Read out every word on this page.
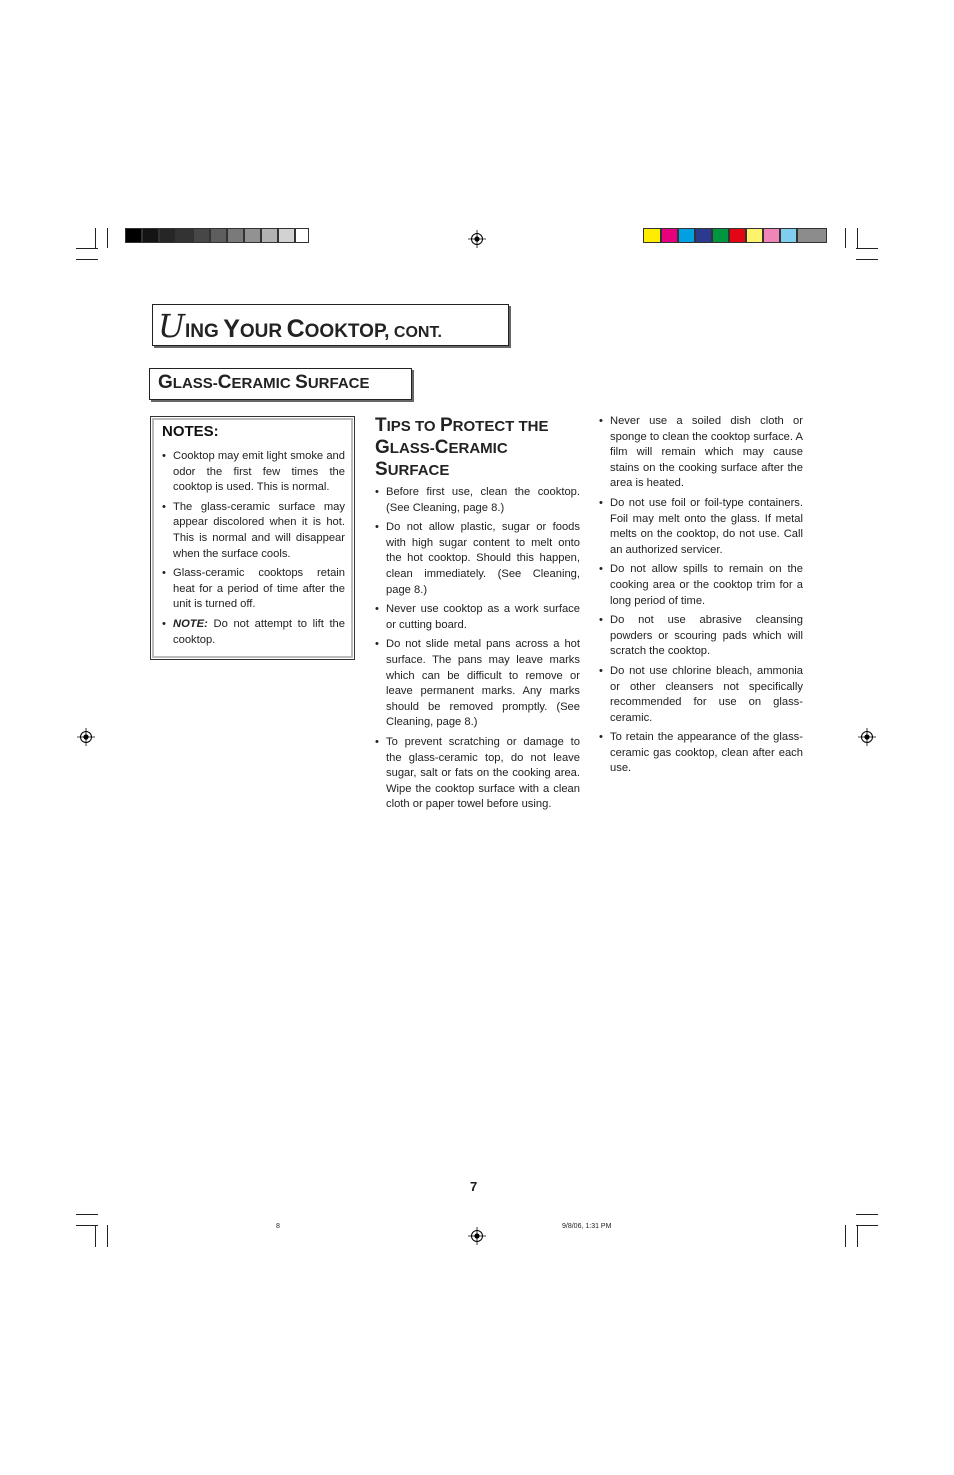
UING YOUR COOKTOP, CONT.
GLASS-CERAMIC SURFACE
NOTES:
• Cooktop may emit light smoke and odor the first few times the cooktop is used. This is normal.
• The glass-ceramic surface may appear discolored when it is hot. This is normal and will disappear when the surface cools.
• Glass-ceramic cooktops retain heat for a period of time after the unit is turned off.
• NOTE: Do not attempt to lift the cooktop.
TIPS TO PROTECT THE
GLASS-CERAMIC
SURFACE
• Before first use, clean the cooktop. (See Cleaning, page 8.)
• Do not allow plastic, sugar or foods with high sugar content to melt onto the hot cooktop. Should this happen, clean immediately. (See Cleaning, page 8.)
• Never use cooktop as a work surface or cutting board.
• Do not slide metal pans across a hot surface. The pans may leave marks which can be difficult to remove or leave permanent marks. Any marks should be removed promptly. (See Cleaning, page 8.)
• To prevent scratching or damage to the glass-ceramic top, do not leave sugar, salt or fats on the cooking area. Wipe the cooktop surface with a clean cloth or paper towel before using.
• Never use a soiled dish cloth or sponge to clean the cooktop surface. A film will remain which may cause stains on the cooking surface after the area is heated.
• Do not use foil or foil-type containers. Foil may melt onto the glass. If metal melts on the cooktop, do not use. Call an authorized servicer.
• Do not allow spills to remain on the cooking area or the cooktop trim for a long period of time.
• Do not use abrasive cleansing powders or scouring pads which will scratch the cooktop.
• Do not use chlorine bleach, ammonia or other cleansers not specifically recommended for use on glass-ceramic.
• To retain the appearance of the glass-ceramic gas cooktop, clean after each use.
7
8	9/8/06, 1:31 PM
